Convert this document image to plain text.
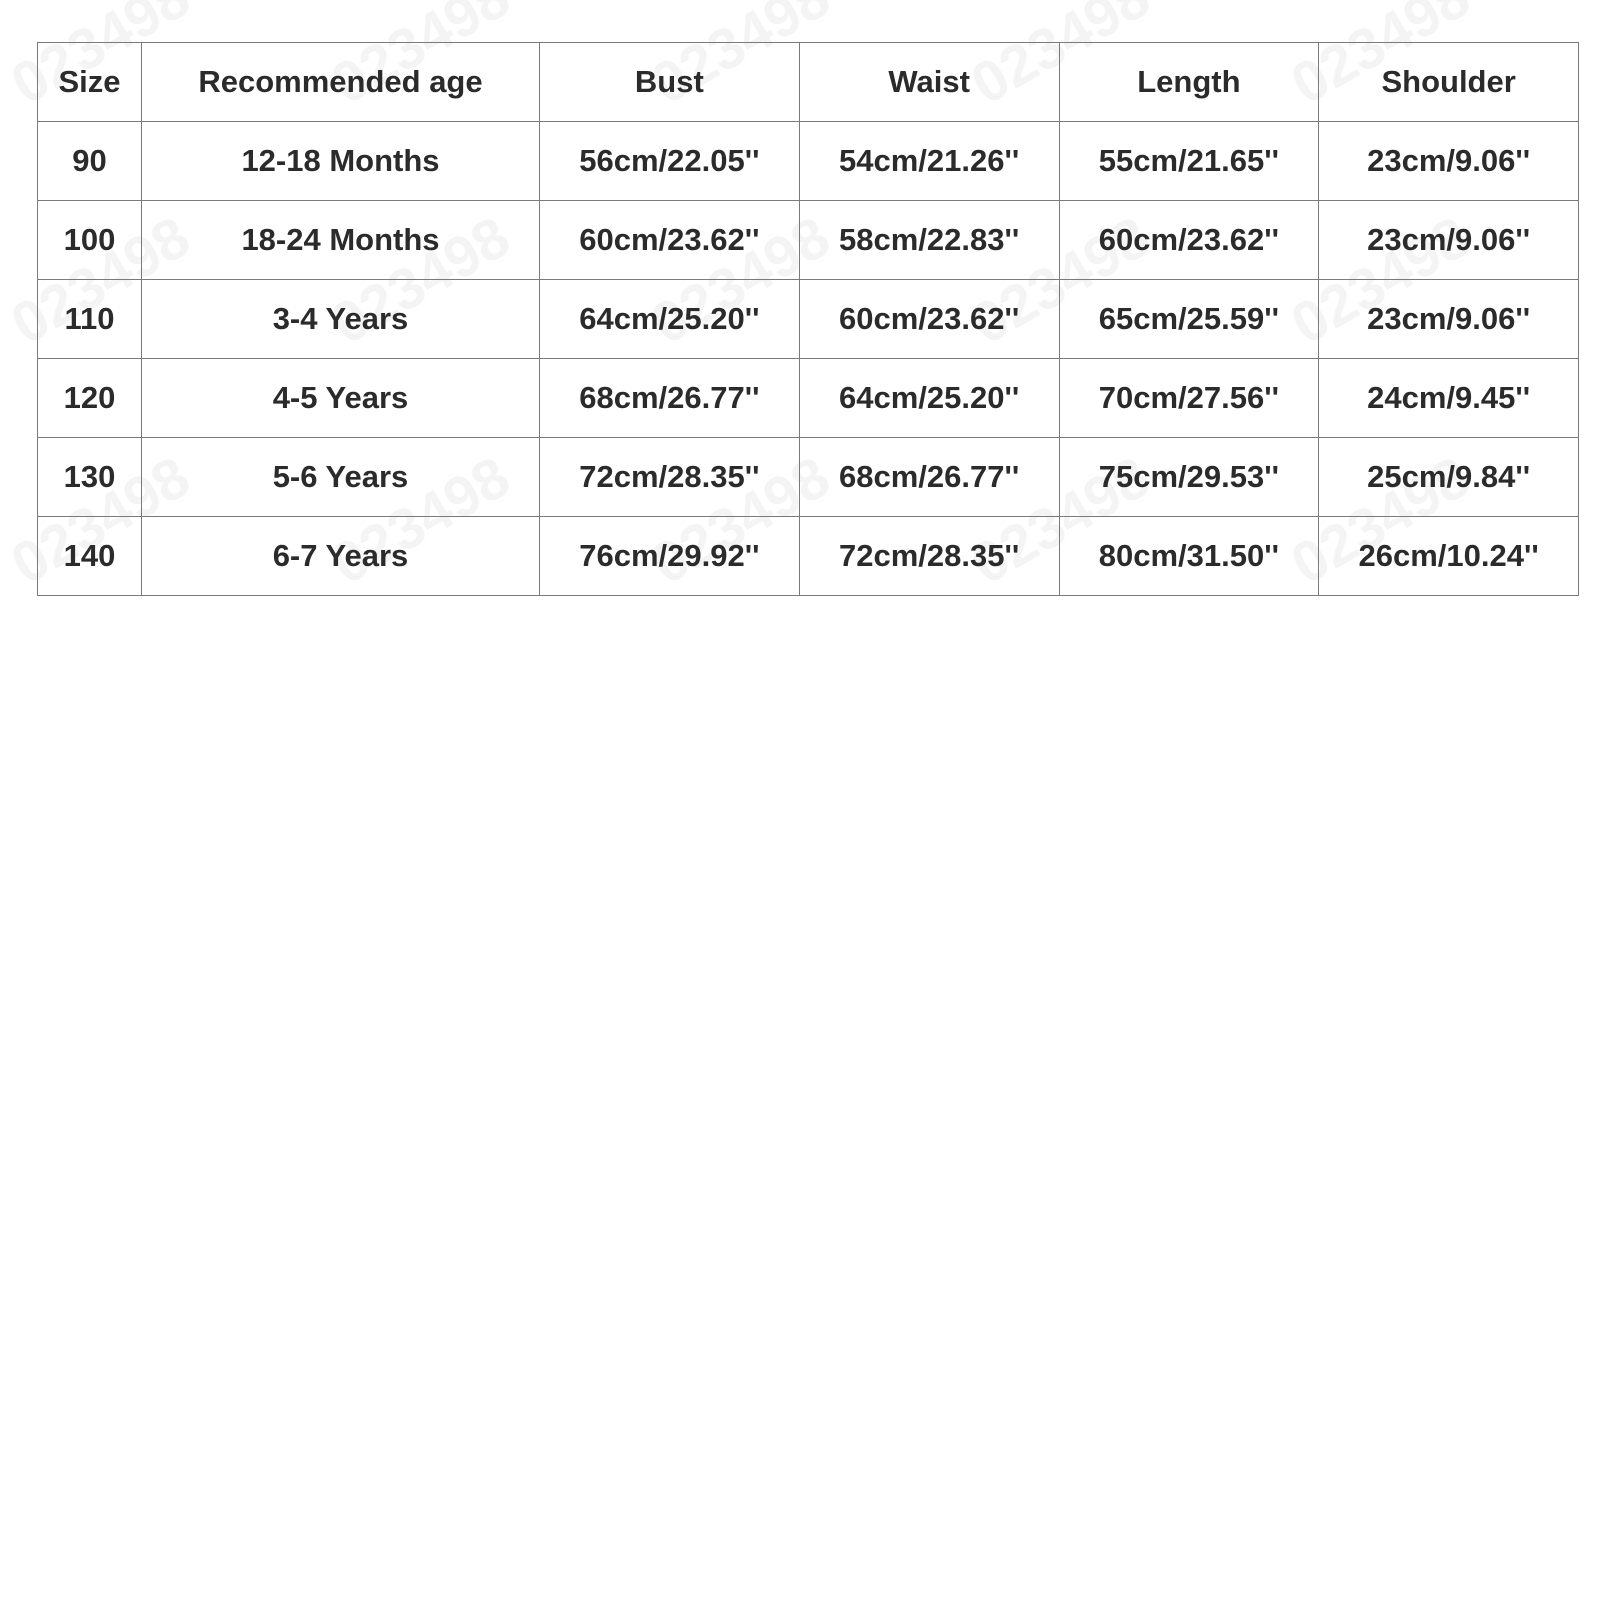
Size	Recommended age	Bust	Waist	Length	Shoulder
90	12-18 Months	56cm/22.05''	54cm/21.26''	55cm/21.65''	23cm/9.06''
100	18-24 Months	60cm/23.62''	58cm/22.83''	60cm/23.62''	23cm/9.06''
110	3-4 Years	64cm/25.20''	60cm/23.62''	65cm/25.59''	23cm/9.06''
120	4-5 Years	68cm/26.77''	64cm/25.20''	70cm/27.56''	24cm/9.45''
130	5-6 Years	72cm/28.35''	68cm/26.77''	75cm/29.53''	25cm/9.84''
140	6-7 Years	76cm/29.92''	72cm/28.35''	80cm/31.50''	26cm/10.24''
